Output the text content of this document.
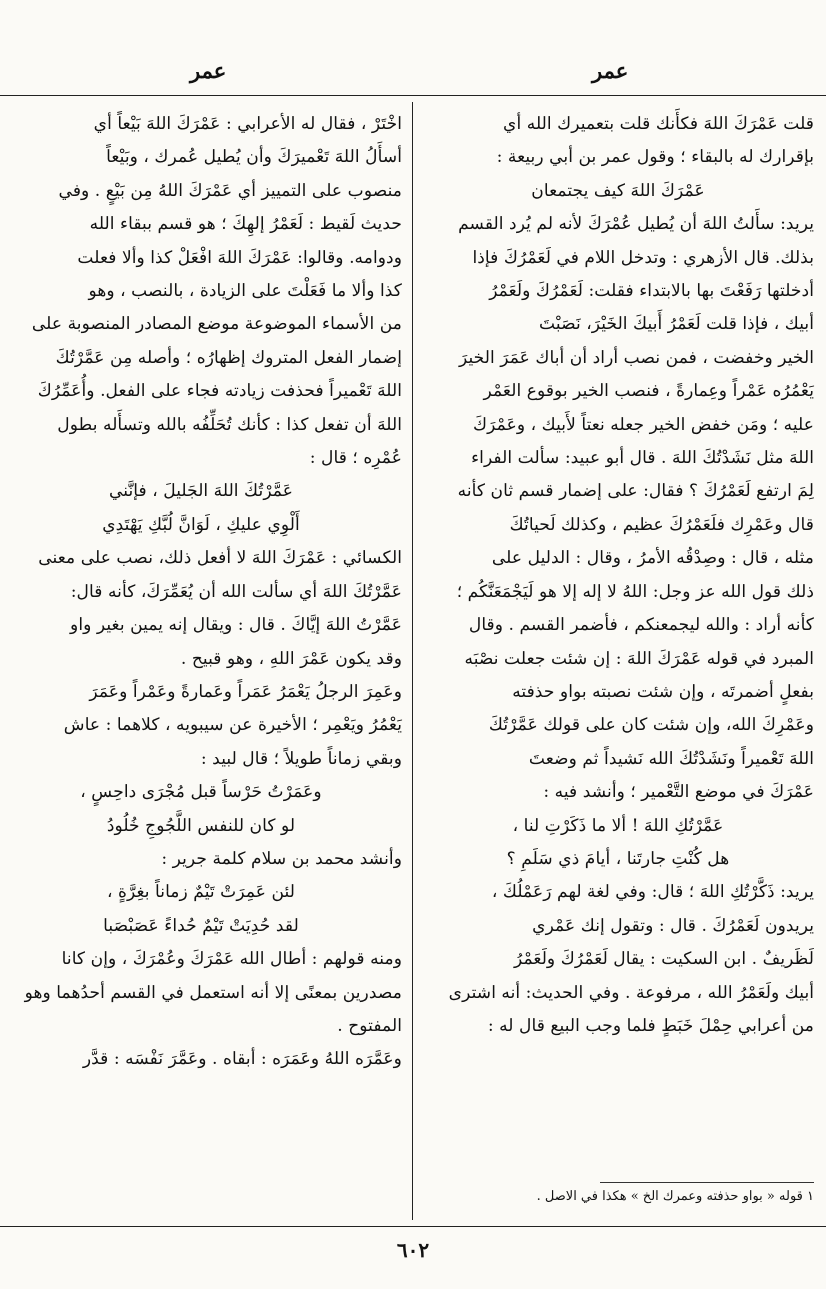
عمر
عمر

قلت عَمْرَكَ اللهَ فكأَنك قلت بتعميرك الله أي

بإقرارك له بالبقاء ؛ وقول عمر بن أبي ربيعة :

عَمْرَكَ اللهَ كيف يجتمعان

يريد: سأَلتُ اللهَ أن يُطيل عُمْرَكَ لأنه لم يُرد القسم

بذلك. قال الأزهري : وتدخل اللام في لَعَمْرُكَ فإذا

أدخلتها رَفَعْتَ بها بالابتداء فقلت: لَعَمْرُكَ ولَعَمْرُ

أبيك ، فإذا قلت لَعَمْرُ أَبيكَ الخَيْرَ، نَصَبْتَ

الخير وخفضت ، فمن نصب أراد أن أباك عَمَرَ الخيرَ

يَعْمُرُه عَمْراً وعِمارةً ، فنصب الخير بوقوع العَمْر

عليه ؛ ومَن خفض الخير جعله نعتاً لأَبيك ، وعَمْرَكَ

اللهَ مثل نَشَدْتُكَ اللهَ . قال أبو عبيد: سألت الفراء

لِمَ ارتفع لَعَمْرُكَ ؟ فقال: على إضمار قسم ثان كأنه

قال وعَمْرِك فلَعَمْرُكَ عظيم ، وكذلك لَحياتُكَ

مثله ، قال : وصِدْقُه الأمرُ ، وقال : الدليل على

ذلك قول الله عز وجل: اللهُ لا إله إلا هو لَيَجْمَعَنَّكُم ؛

كأنه أراد : والله ليجمعنكم ، فأضمر القسم . وقال

المبرد في قوله عَمْرَكَ اللهَ : إن شئت جعلت نصْبَه

بفعلٍ أضمرتَه ، وإن شئت نصبته بواو حذفته

وعَمْرِكَ الله، وإن شئت كان على قولك عَمَّرْتُكَ

اللهَ تَعْميراً ونَشَدْتُكَ الله نَشيداً ثم وضعتَ

عَمْرَكَ في موضع التَّعْمير ؛ وأنشد فيه :

عَمَّرْتُكِ اللهَ ! ألا ما ذَكَرْتِ لنا ،

هل كُنْتِ جارتَنا ، أيامَ ذي سَلَمِ ؟

يريد: ذَكَّرْتُكِ اللهَ ؛ قال: وفي لغة لهم رَعَمْلُكَ ،

يريدون لَعَمْرُكَ . قال : وتقول إنك عَمْري

لَظَريفٌ . ابن السكيت : يقال لَعَمْرُكَ ولَعَمْرُ

أبيك ولَعَمْرُ الله ، مرفوعة . وفي الحديث: أنه اشترى

من أعرابي حِمْلَ خَبَطٍ فلما وجب البيع قال له :

اخْتَرْ ، فقال له الأعرابي : عَمْرَكَ اللهَ بَيْعاً أي

أسأَلُ اللهَ تَعْميرَكَ وأن يُطيل عُمرك ، وبَيْعاً

منصوب على التمييز أي عَمْرَكَ اللهُ مِن بَيْعٍ . وفي

حديث لَقيط : لَعَمْرُ إلهِكَ ؛ هو قسم ببقاء الله

ودوامه. وقالوا: عَمْرَكَ اللهَ افْعَلْ كذا وألا فعلت

كذا وألا ما فَعَلْتَ على الزيادة ، بالنصب ، وهو

من الأسماء الموضوعة موضع المصادر المنصوبة على

إضمار الفعل المتروك إظهارُه ؛ وأصله مِن عَمَّرْتُكَ

اللهَ تَعْميراً فحذفت زيادته فجاء على الفعل. وأُعَمِّرُكَ

اللهَ أن تفعل كذا : كأنك تُحَلِّفُه بالله وتسأَله بطول

عُمْرِه ؛ قال :

عَمَّرْتُكَ اللهَ الجَليلَ ، فإنَّني

أَلْوِي عليكِ ، لَوَانَّ لُبَّكِ يَهْتَدِي

الكسائي : عَمْرَكَ اللهَ لا أفعل ذلك، نصب على معنى

عَمَّرْتُكَ اللهَ أي سألت الله أن يُعَمِّرَكَ، كأنه قال:

عَمَّرْتُ اللهَ إيَّاكَ . قال : ويقال إنه يمين بغير واو

وقد يكون عَمْرَ اللهِ ، وهو قبيح .

وعَمِرَ الرجلُ يَعْمَرُ عَمَراً وعَمارةً وعَمْراً وعَمَرَ

يَعْمُرُ ويَعْمِر ؛ الأخيرة عن سيبويه ، كلاهما : عاش

وبقي زماناً طويلاً ؛ قال لبيد :

وعَمَرْتُ حَرْساً قبل مُجْرَى داحِسٍ ،

لو كان للنفس اللَّجُوجِ خُلُودُ

وأنشد محمد بن سلام كلمة جرير :

لئن عَمِرَتْ تَيْمٌ زماناً بغِرَّةٍ ،

لقد حُدِيَتْ تَيْمٌ حُداءً عَصَبْصَبا

ومنه قولهم : أطال الله عَمْرَكَ وعُمْرَكَ ، وإن كانا

مصدرين بمعنًى إلا أنه استعمل في القسم أحدُهما وهو

المفتوح .

وعَمَّرَه اللهُ وعَمَرَه : أبقاه . وعَمَّرَ نَفْسَه : قدَّر

١ قوله « بواو حذفته وعمرك الخ » هكذا في الاصل .
٦٠٢
